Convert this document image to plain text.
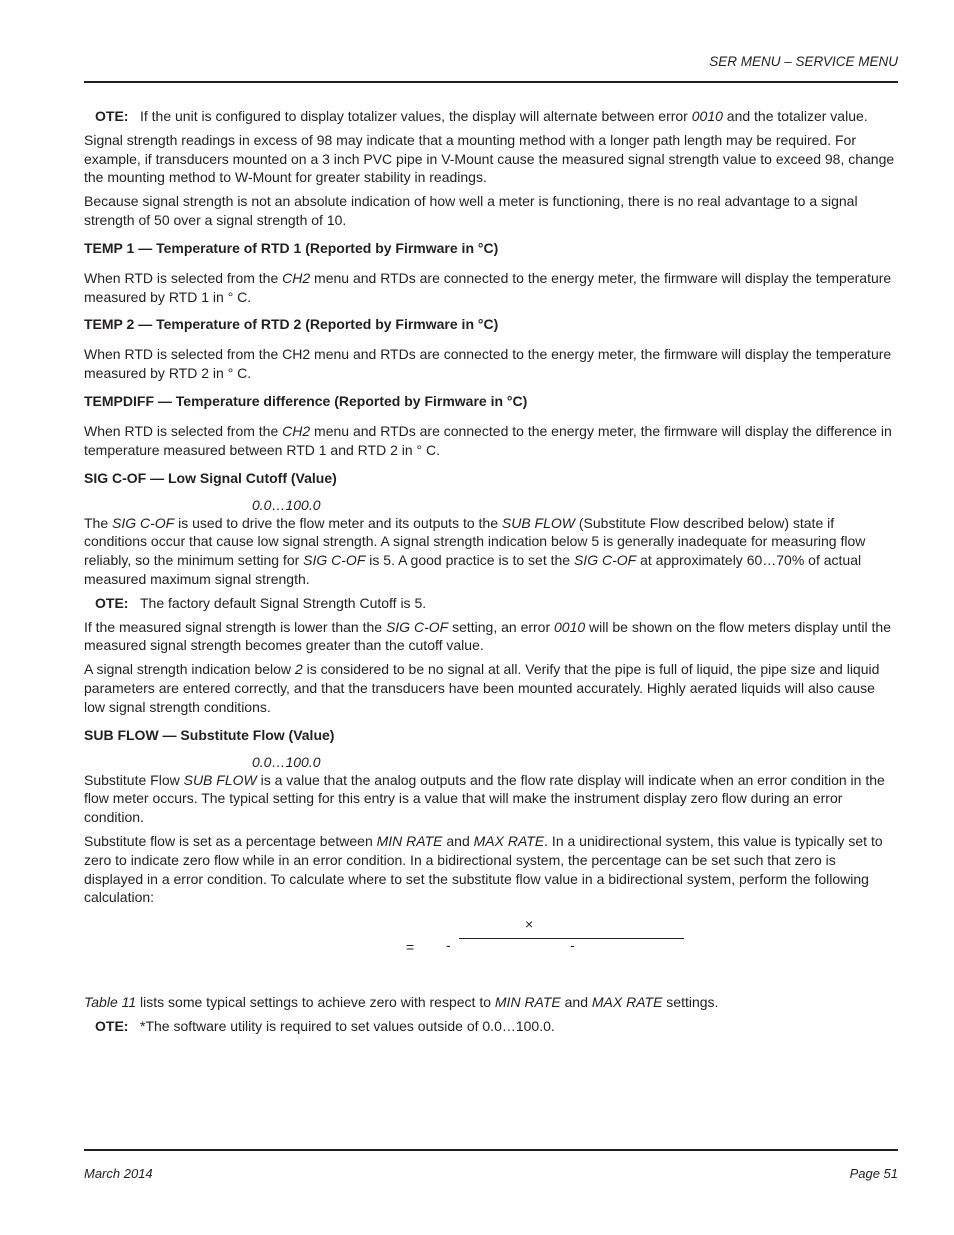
SER MENU – SERVICE MENU
OTE: If the unit is configured to display totalizer values, the display will alternate between error 0010 and the totalizer value.

Signal strength readings in excess of 98 may indicate that a mounting method with a longer path length may be required. For example, if transducers mounted on a 3 inch PVC pipe in V-Mount cause the measured signal strength value to exceed 98, change the mounting method to W-Mount for greater stability in readings.

Because signal strength is not an absolute indication of how well a meter is functioning, there is no real advantage to a signal strength of 50 over a signal strength of 10.

TEMP 1 — Temperature of RTD 1 (Reported by Firmware in °C)

When RTD is selected from the CH2 menu and RTDs are connected to the energy meter, the firmware will display the temperature measured by RTD 1 in ° C.

TEMP 2 — Temperature of RTD 2 (Reported by Firmware in °C)

When RTD is selected from the CH2 menu and RTDs are connected to the energy meter, the firmware will display the temperature measured by RTD 2 in ° C.

TEMPDIFF — Temperature difference (Reported by Firmware in °C)

When RTD is selected from the CH2 menu and RTDs are connected to the energy meter, the firmware will display the difference in temperature measured between RTD 1 and RTD 2 in ° C.

SIG C-OF — Low Signal Cutoff (Value)
0.0…100.0

The SIG C-OF is used to drive the flow meter and its outputs to the SUB FLOW (Substitute Flow described below) state if conditions occur that cause low signal strength. A signal strength indication below 5 is generally inadequate for measuring flow reliably, so the minimum setting for SIG C-OF is 5. A good practice is to set the SIG C-OF at approximately 60…70% of actual measured maximum signal strength.

OTE: The factory default Signal Strength Cutoff is 5.

If the measured signal strength is lower than the SIG C-OF setting, an error 0010 will be shown on the flow meters display until the measured signal strength becomes greater than the cutoff value.

A signal strength indication below 2 is considered to be no signal at all. Verify that the pipe is full of liquid, the pipe size and liquid parameters are entered correctly, and that the transducers have been mounted accurately. Highly aerated liquids will also cause low signal strength conditions.

SUB FLOW — Substitute Flow (Value)
0.0…100.0

Substitute Flow SUB FLOW is a value that the analog outputs and the flow rate display will indicate when an error condition in the flow meter occurs. The typical setting for this entry is a value that will make the instrument display zero flow during an error condition.

Substitute flow is set as a percentage between MIN RATE and MAX RATE. In a unidirectional system, this value is typically set to zero to indicate zero flow while in an error condition. In a bidirectional system, the percentage can be set such that zero is displayed in a error condition. To calculate where to set the substitute flow value in a bidirectional system, perform the following calculation:

= -
×
-

Table 11 lists some typical settings to achieve zero with respect to MIN RATE and MAX RATE settings.

OTE: *The software utility is required to set values outside of 0.0…100.0.
March 2014	Page 51
